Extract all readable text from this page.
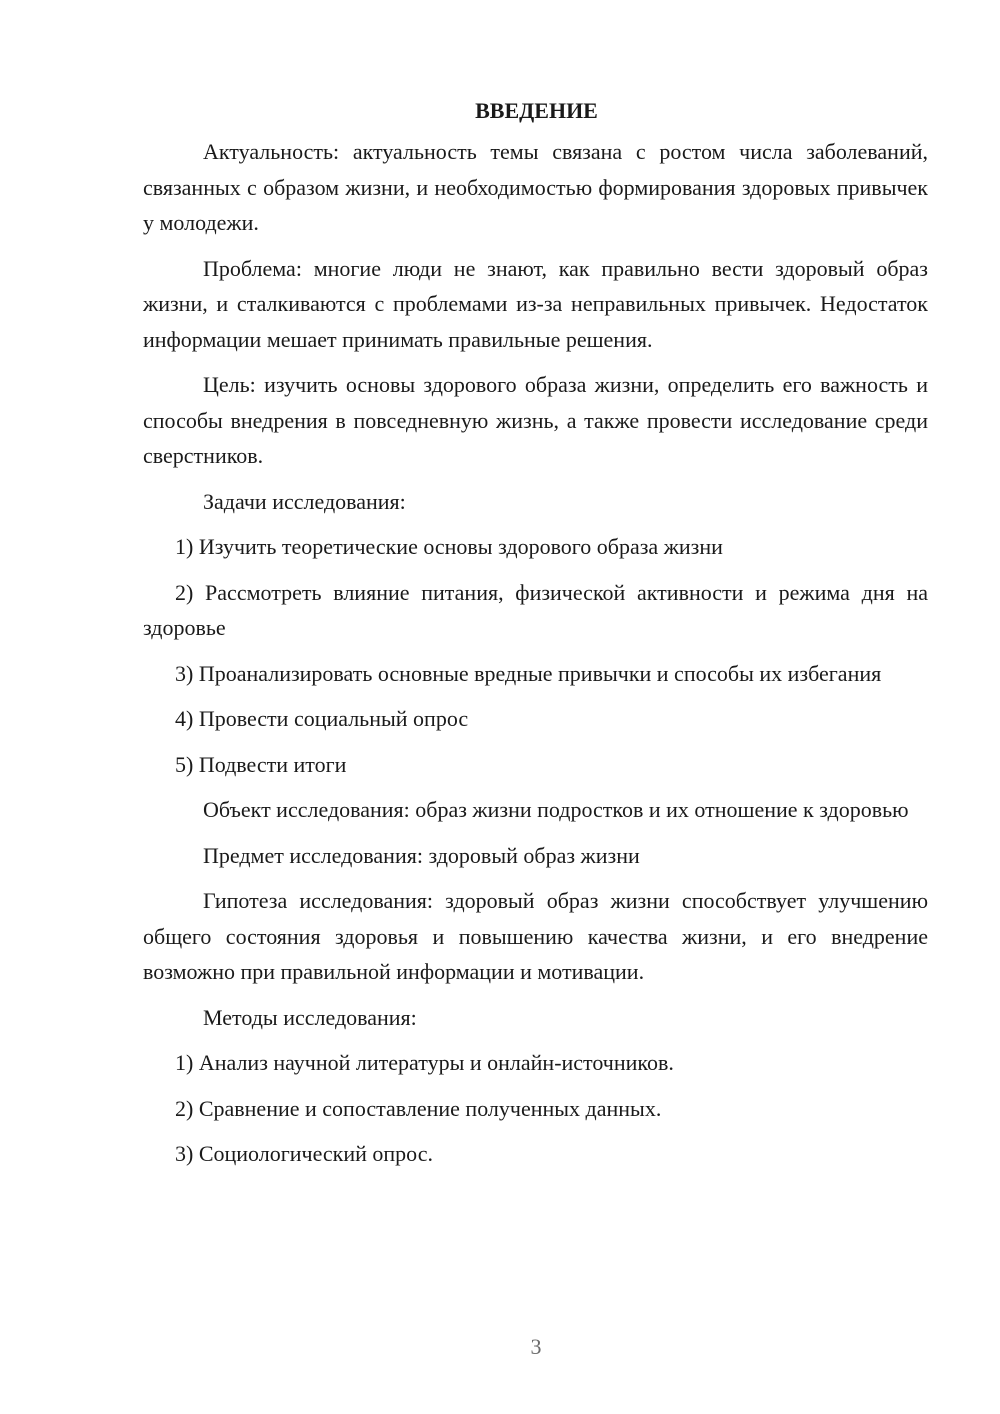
ВВЕДЕНИЕ

Актуальность: актуальность темы связана с ростом числа заболеваний, связанных с образом жизни, и необходимостью формирования здоровых привычек у молодежи.

Проблема: многие люди не знают, как правильно вести здоровый образ жизни, и сталкиваются с проблемами из-за неправильных привычек. Недостаток информации мешает принимать правильные решения.

Цель: изучить основы здорового образа жизни, определить его важность и способы внедрения в повседневную жизнь, а также провести исследование среди сверстников.

Задачи исследования:

1) Изучить теоретические основы здорового образа жизни

2) Рассмотреть влияние питания, физической активности и режима дня на здоровье

3) Проанализировать основные вредные привычки и способы их избегания

4) Провести социальный опрос

5) Подвести итоги

Объект исследования: образ жизни подростков и их отношение к здоровью

Предмет исследования: здоровый образ жизни

Гипотеза исследования: здоровый образ жизни способствует улучшению общего состояния здоровья и повышению качества жизни, и его внедрение возможно при правильной информации и мотивации.

Методы исследования:

1) Анализ научной литературы и онлайн-источников.

2) Сравнение и сопоставление полученных данных.

3) Социологический опрос.

3
